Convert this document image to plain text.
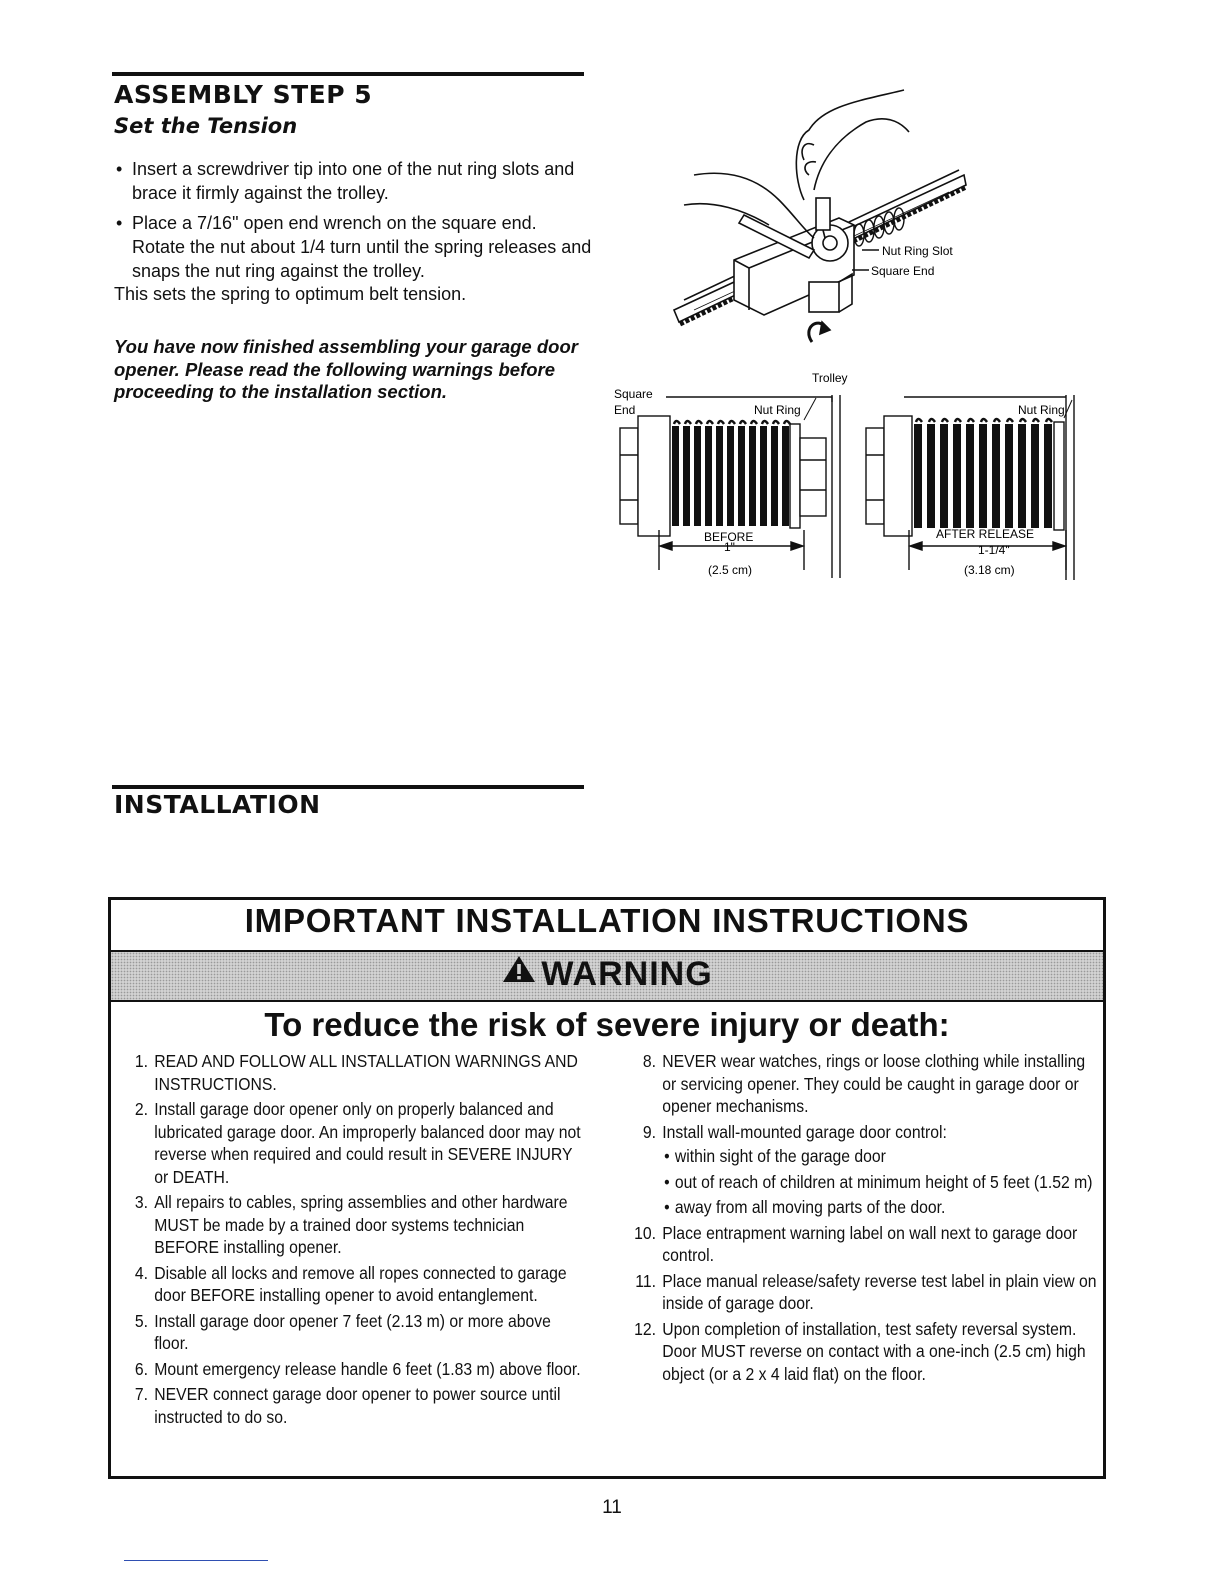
ASSEMBLY STEP 5
Set the Tension
• Insert a screwdriver tip into one of the nut ring slots and brace it firmly against the trolley.
• Place a 7/16" open end wrench on the square end. Rotate the nut about 1/4 turn until the spring releases and snaps the nut ring against the trolley.

This sets the spring to optimum belt tension.

You have now finished assembling your garage door opener. Please read the following warnings before proceeding to the installation section.

Nut Ring Slot
Square End
Trolley
Square
End	Nut Ring
BEFORE
1"
(2.5 cm)
Nut Ring
AFTER RELEASE
1-1/4"
(3.18 cm)
INSTALLATION
IMPORTANT INSTALLATION INSTRUCTIONS
WARNING
To reduce the risk of severe injury or death:
1. READ AND FOLLOW ALL INSTALLATION WARNINGS AND INSTRUCTIONS.
2. Install garage door opener only on properly balanced and lubricated garage door. An improperly balanced door may not reverse when required and could result in SEVERE INJURY or DEATH.
3. All repairs to cables, spring assemblies and other hardware MUST be made by a trained door systems technician BEFORE installing opener.
4. Disable all locks and remove all ropes connected to garage door BEFORE installing opener to avoid entanglement.
5. Install garage door opener 7 feet (2.13 m) or more above floor.
6. Mount emergency release handle 6 feet (1.83 m) above floor.
7. NEVER connect garage door opener to power source until instructed to do so.
8. NEVER wear watches, rings or loose clothing while installing or servicing opener. They could be caught in garage door or opener mechanisms.
9. Install wall-mounted garage door control:
• within sight of the garage door
• out of reach of children at minimum height of 5 feet (1.52 m)
• away from all moving parts of the door.
10. Place entrapment warning label on wall next to garage door control.
11. Place manual release/safety reverse test label in plain view on inside of garage door.
12. Upon completion of installation, test safety reversal system. Door MUST reverse on contact with a one-inch (2.5 cm) high object (or a 2 x 4 laid flat) on the floor.

11
